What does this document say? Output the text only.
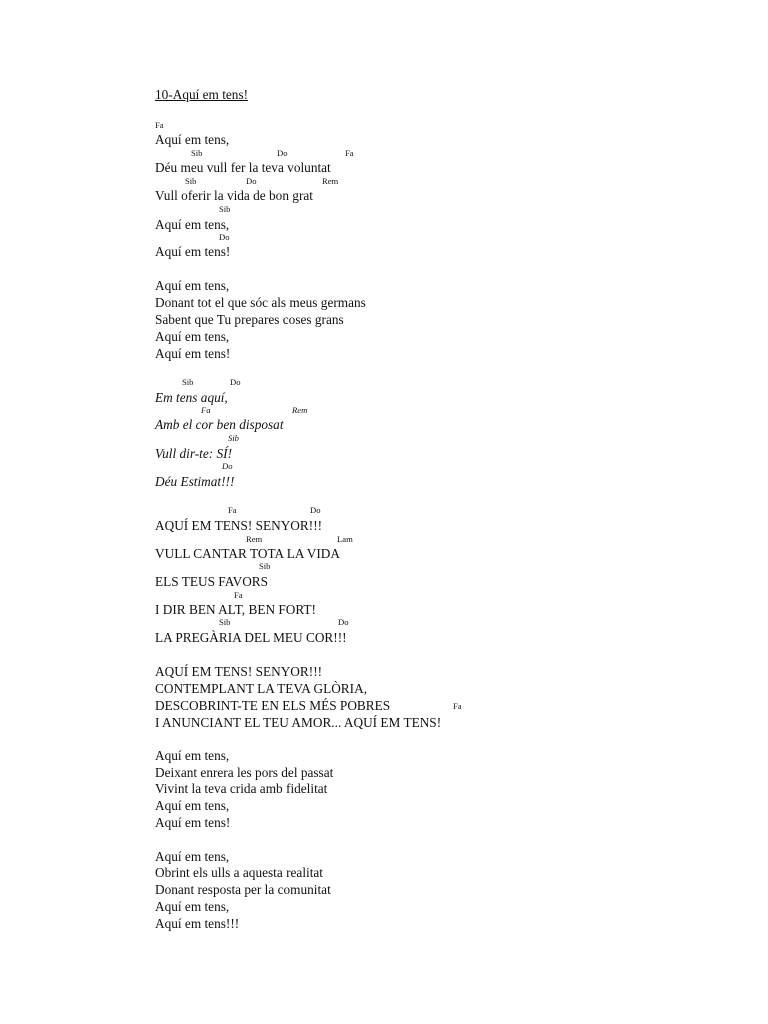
10-Aquí em tens!
Fa
Aquí em tens,
Sib	Do	Fa
Déu meu vull fer la teva voluntat
Sib	Do	Rem
Vull oferir la vida de bon grat
Sib
Aquí em tens,
Do
Aquí em tens!
Aquí em tens,
Donant tot el que sóc als meus germans
Sabent que Tu prepares coses grans
Aquí em tens,
Aquí em tens!
Sib	Do
Em tens aquí,
Fa	Rem
Amb el cor ben disposat
Sib
Vull dir-te: SÍ!
Do
Déu Estimat!!!
Fa	Do
AQUÍ EM TENS! SENYOR!!!
Rem	Lam
VULL CANTAR TOTA LA VIDA
Sib
ELS TEUS FAVORS
Fa
I DIR BEN ALT, BEN FORT!
Sib	Do
LA PREGÀRIA DEL MEU COR!!!
AQUÍ EM TENS! SENYOR!!!
CONTEMPLANT LA TEVA GLÒRIA,
DESCOBRINT-TE EN ELS MÉS POBRES	Fa
I ANUNCIANT EL TEU AMOR... AQUÍ EM TENS!
Aquí em tens,
Deixant enrera les pors del passat
Vivint la teva crida amb fidelitat
Aquí em tens,
Aquí em tens!
Aquí em tens,
Obrint els ulls a aquesta realitat
Donant resposta per la comunitat
Aquí em tens,
Aquí em tens!!!
